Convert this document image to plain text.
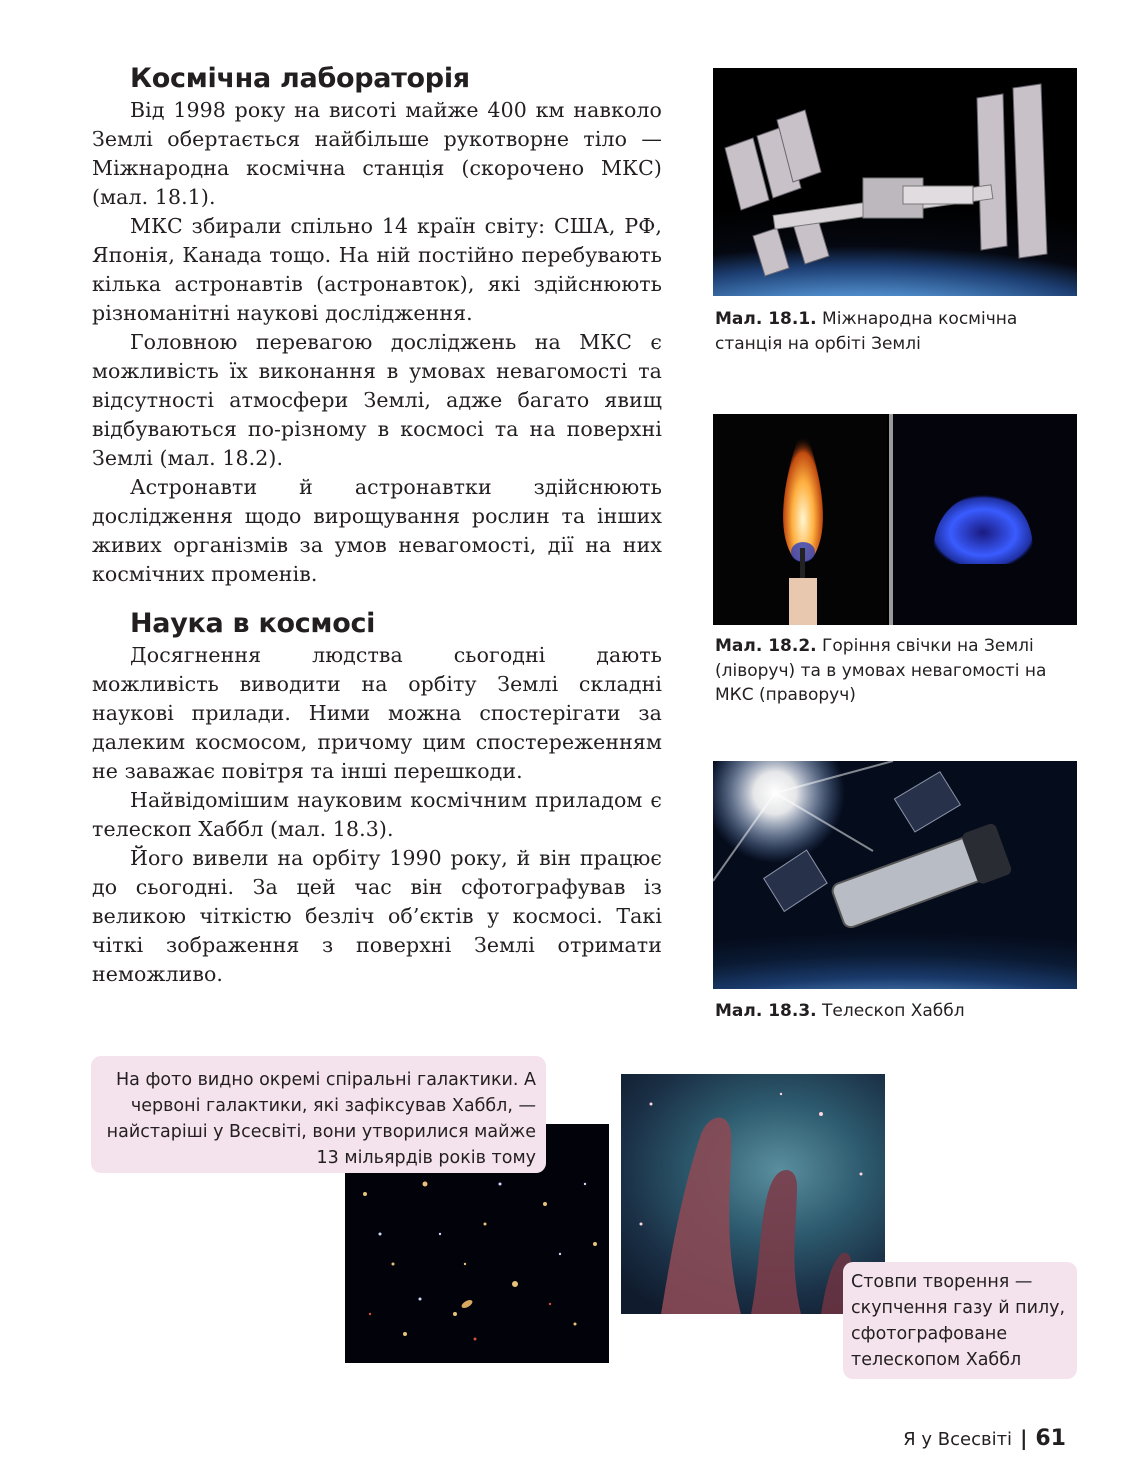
Космічна лабораторія

Від 1998 року на висоті майже 400 км навколо Землі обертається найбільше рукотворне тіло — Міжнародна космічна станція (скорочено МКС) (мал. 18.1).

МКС збирали спільно 14 країн світу: США, РФ, Японія, Канада тощо. На ній постійно перебувають кілька астронавтів (астронавток), які здійснюють різноманітні наукові дослідження.

Головною перевагою досліджень на МКС є можливість їх виконання в умовах невагомості та відсутності атмосфери Землі, адже багато явищ відбуваються по-різному в космосі та на поверхні Землі (мал. 18.2).

Астронавти й астронавтки здійснюють дослідження щодо вирощування рослин та інших живих організмів за умов невагомості, дії на них космічних променів.

Наука в космосі

Досягнення людства сьогодні дають можливість виводити на орбіту Землі складні наукові прилади. Ними можна спостерігати за далеким космосом, причому цим спостереженням не заважає повітря та інші перешкоди.

Найвідомішим науковим космічним приладом є телескоп Хаббл (мал. 18.3).

Його вивели на орбіту 1990 року, й він працює до сьогодні. За цей час він сфотографував із великою чіткістю безліч об’єктів у космосі. Такі чіткі зображення з поверхні Землі отримати неможливо.

Мал. 18.1. Міжнародна космічна станція на орбіті Землі
Мал. 18.2. Горіння свічки на Землі (ліворуч) та в умовах невагомості на МКС (праворуч)
Мал. 18.3. Телескоп Хаббл
На фото видно окремі спіральні галактики. А червоні галактики, які зафіксував Хаббл, — найстаріші у Всесвіті, вони утворилися майже 13 мільярдів років тому
Стовпи творення — скупчення газу й пилу, сфотографоване телескопом Хаббл
Я у Всесвіті | 61
